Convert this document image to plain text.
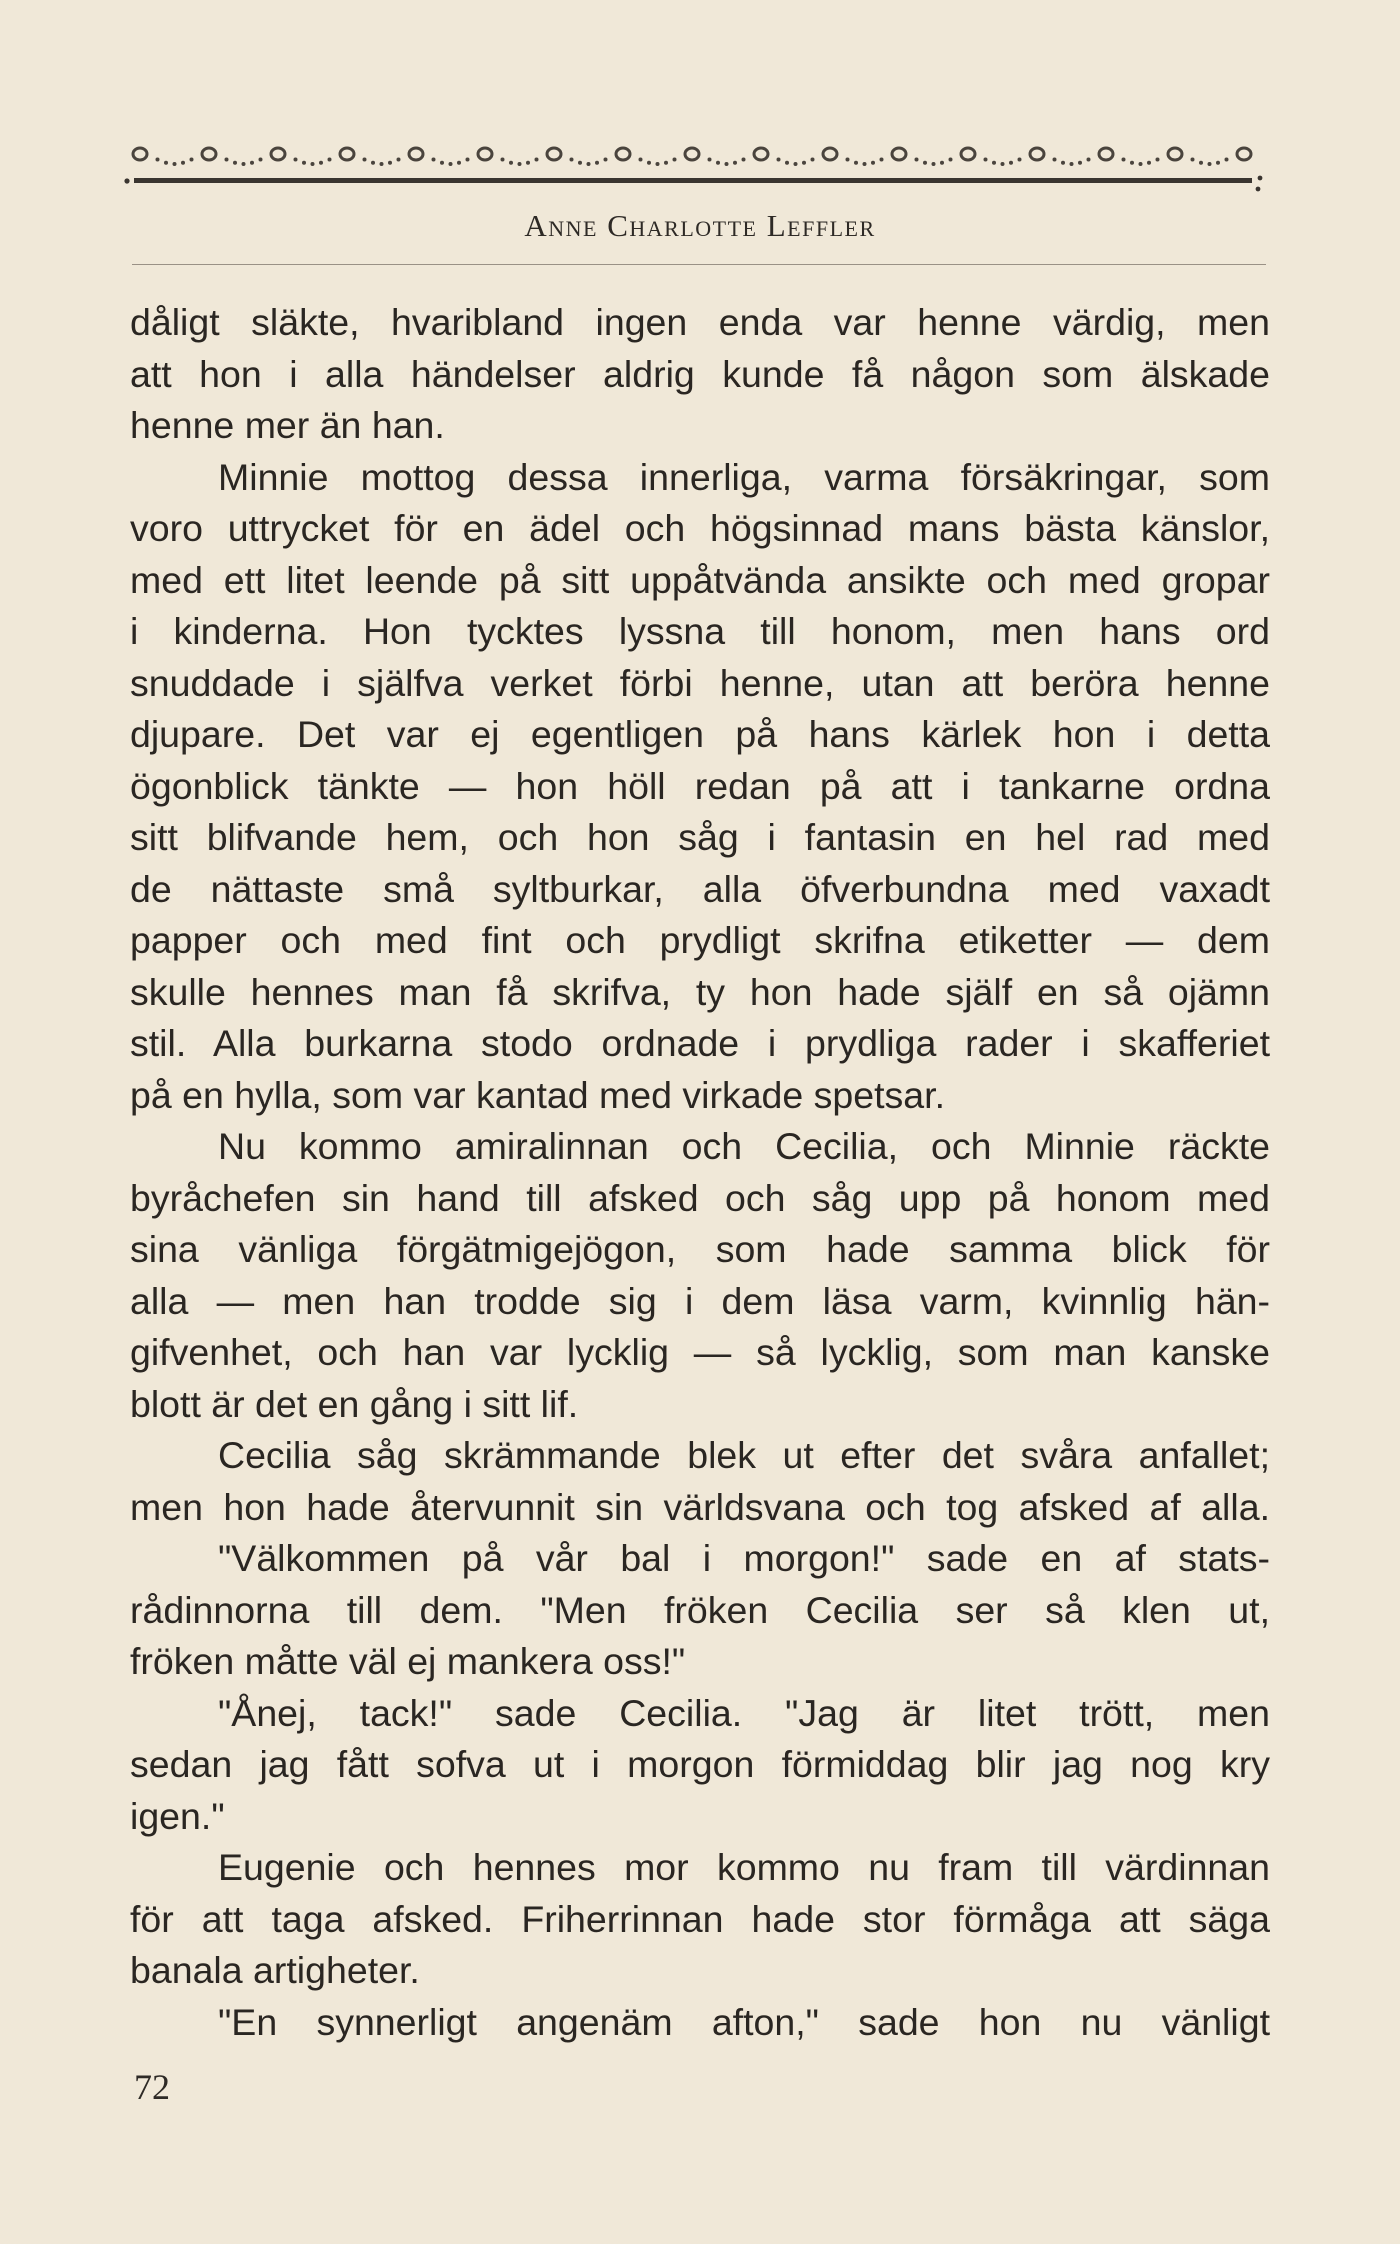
Anne Charlotte Leffler
dåligt släkte, hvaribland ingen enda var henne värdig, men
att hon i alla händelser aldrig kunde få någon som älskade
henne mer än han.
Minnie mottog dessa innerliga, varma försäkringar, som
voro uttrycket för en ädel och högsinnad mans bästa känslor,
med ett litet leende på sitt uppåtvända ansikte och med gropar
i kinderna. Hon tycktes lyssna till honom, men hans ord
snuddade i själfva verket förbi henne, utan att beröra henne
djupare. Det var ej egentligen på hans kärlek hon i detta
ögonblick tänkte — hon höll redan på att i tankarne ordna
sitt blifvande hem, och hon såg i fantasin en hel rad med
de nättaste små syltburkar, alla öfverbundna med vaxadt
papper och med fint och prydligt skrifna etiketter — dem
skulle hennes man få skrifva, ty hon hade själf en så ojämn
stil. Alla burkarna stodo ordnade i prydliga rader i skafferiet
på en hylla, som var kantad med virkade spetsar.
Nu kommo amiralinnan och Cecilia, och Minnie räckte
byråchefen sin hand till afsked och såg upp på honom med
sina vänliga förgätmigejögon, som hade samma blick för
alla — men han trodde sig i dem läsa varm, kvinnlig hän-
gifvenhet, och han var lycklig — så lycklig, som man kanske
blott är det en gång i sitt lif.
Cecilia såg skrämmande blek ut efter det svåra anfallet;
men hon hade återvunnit sin världsvana och tog afsked af alla.
"Välkommen på vår bal i morgon!" sade en af stats-
rådinnorna till dem. "Men fröken Cecilia ser så klen ut,
fröken måtte väl ej mankera oss!"
"Ånej, tack!" sade Cecilia. "Jag är litet trött, men
sedan jag fått sofva ut i morgon förmiddag blir jag nog kry
igen."
Eugenie och hennes mor kommo nu fram till värdinnan
för att taga afsked. Friherrinnan hade stor förmåga att säga
banala artigheter.
"En synnerligt angenäm afton," sade hon nu vänligt
72
